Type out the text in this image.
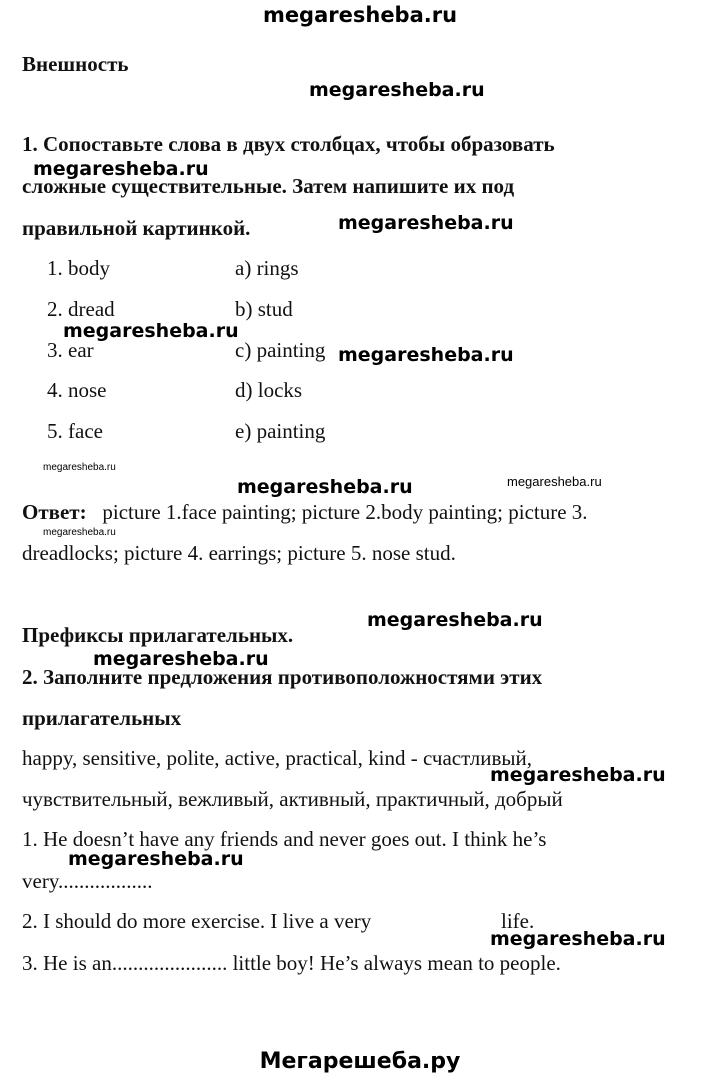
megaresheba.ru
Внешность
megaresheba.ru
1. Сопоставьте слова в двух столбцах, чтобы образовать
megaresheba.ru
сложные существительные. Затем напишите их под
правильной картинкой.	megaresheba.ru
1. body	a) rings
2. dread	b) stud
megaresheba.ru
3. ear	c) painting megaresheba.ru
4. nose	d) locks
5. face	e) painting
megaresheba.ru
megaresheba.ru	megaresheba.ru
Ответ: picture 1.face painting; picture 2.body painting; picture 3.
megaresheba.ru
dreadlocks; picture 4. earrings; picture 5. nose stud.
megaresheba.ru
Префиксы прилагательных.
megaresheba.ru
2. Заполните предложения противоположностями этих
прилагательных
happy, sensitive, polite, active, practical, kind - счастливый,
megaresheba.ru
чувствительный, вежливый, активный, практичный, добрый
1. He doesn’t have any friends and never goes out. I think he’s
megaresheba.ru
very..................
2. I should do more exercise. I live a very	life.
megaresheba.ru
3. He is an...................... little boy! He’s always mean to people.
Мегарешеба.ру
